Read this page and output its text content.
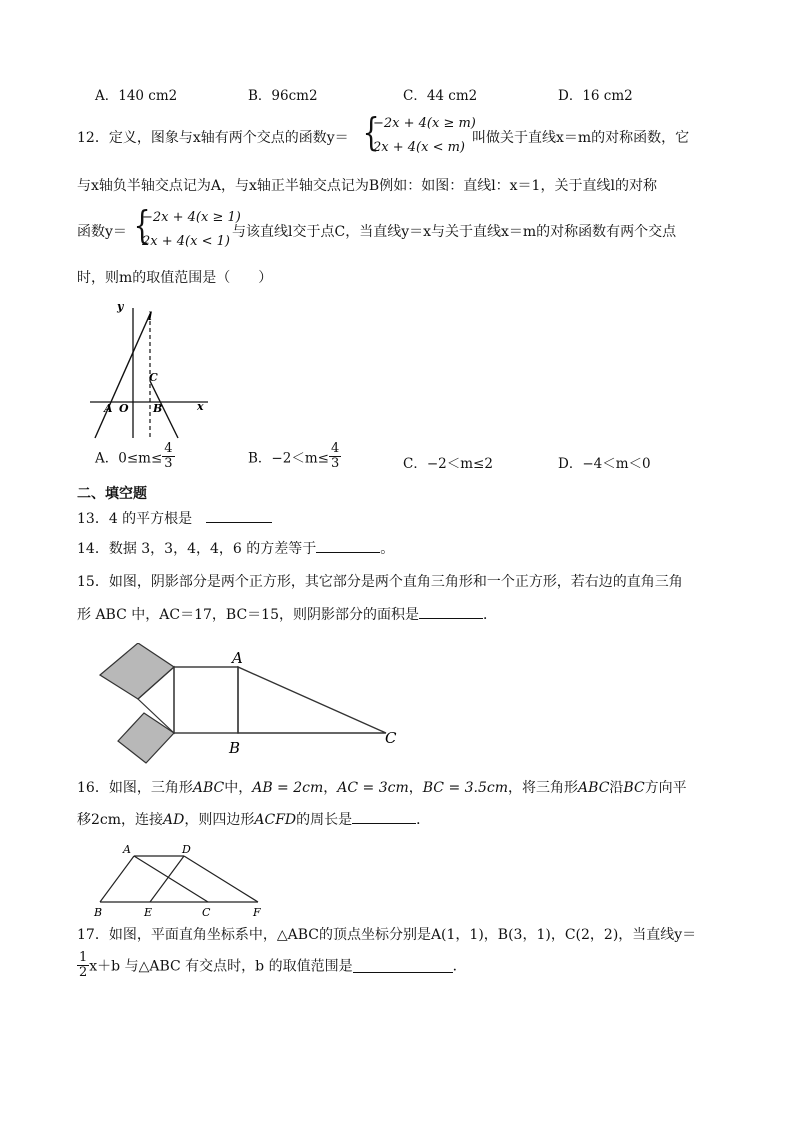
A．140 cm2	B．96cm2	C．44 cm2	D．16 cm2
12．定义，图象与x轴有两个交点的函数y＝ {
−2x + 4(x ≥ m)
2x + 4(x < m)
叫做关于直线x＝m的对称函数，它
与x轴负半轴交点记为A，与x轴正半轴交点记为B例如：如图：直线l：x＝1，关于直线l的对称
函数y＝ {
−2x + 4(x ≥ 1)
2x + 4(x < 1)
与该直线l交于点C，当直线y＝x与关于直线x＝m的对称函数有两个交点
时，则m的取值范围是（　　）
y
l
C
A O B	x
A．$0\le m\le \frac{4}{3}$	B．$-2<m\le \frac{4}{3}$	C．−2＜m≤2	D．−4＜m＜0
二、填空题
13．4 的平方根是
14．数据 3，3，4，4，6 的方差等于	。
15．如图，阴影部分是两个正方形，其它部分是两个直角三角形和一个正方形，若右边的直角三角
形 ABC 中，AC＝17，BC＝15，则阴影部分的面积是	．
A
B
C
16．如图，三角形ABC中，AB = 2cm，AC = 3cm，BC = 3.5cm，将三角形ABC沿BC方向平
移2cm，连接AD，则四边形ACFD的周长是	．
A	D
B	E	C	F
17．如图，平面直角坐标系中，△ABC的顶点坐标分别是A(1，1)，B(3，1)，C(2，2)，当直线y＝
$\frac{1}{2} x+b$ 与△ABC 有交点时，b 的取值范围是	．
